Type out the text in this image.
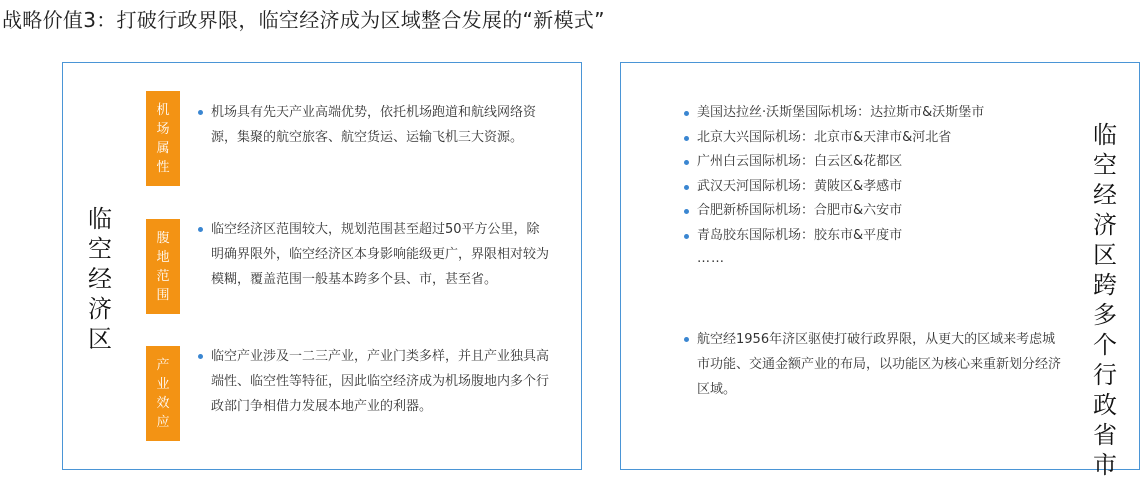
战略价值3：打破行政界限，临空经济成为区域整合发展的“新模式”
临空经济区
机场属性
机场具有先天产业高端优势，依托机场跑道和航线网络资源，集聚的航空旅客、航空货运、运输飞机三大资源。
腹地范围
临空经济区范围较大，规划范围甚至超过50平方公里，除明确界限外，临空经济区本身影响能级更广，界限相对较为模糊，覆盖范围一般基本跨多个县、市，甚至省。
产业效应
临空产业涉及一二三产业，产业门类多样，并且产业独具高端性、临空性等特征，因此临空经济成为机场腹地内多个行政部门争相借力发展本地产业的利器。
美国达拉丝·沃斯堡国际机场：达拉斯市&沃斯堡市
北京大兴国际机场：北京市&天津市&河北省
广州白云国际机场：白云区&花都区
武汉天河国际机场：黄陂区&孝感市
合肥新桥国际机场：合肥市&六安市
青岛胶东国际机场：胶东市&平度市
……
航空经1956年济区驱使打破行政界限，从更大的区域来考虑城市功能、交通金额产业的布局，以功能区为核心来重新划分经济区域。
临空经济区跨多个行政省市
